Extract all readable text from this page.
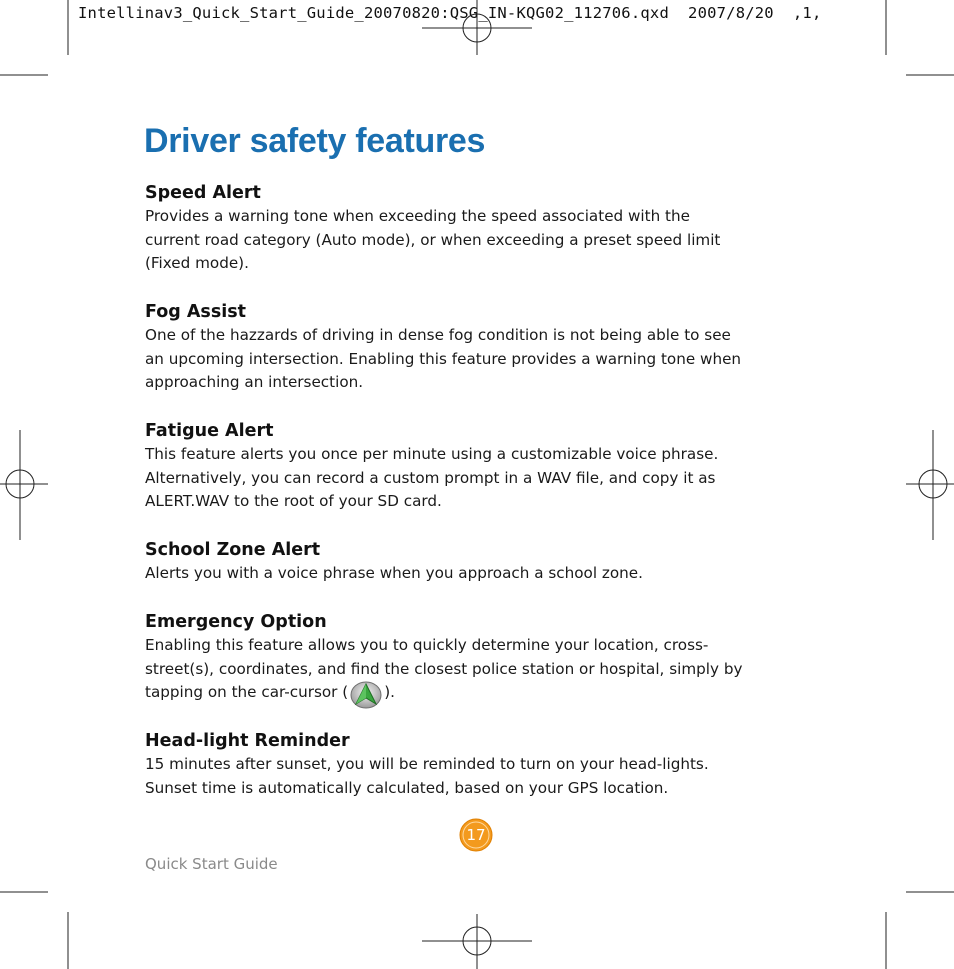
Intellinav3_Quick_Start_Guide_20070820:QSG_IN-KQG02_112706.qxd  2007/8/20  ,1,
Driver safety features

Speed Alert

Provides a warning tone when exceeding the speed associated with the
current road category (Auto mode), or when exceeding a preset speed limit
(Fixed mode).

Fog Assist

One of the hazzards of driving in dense fog condition is not being able to see
an upcoming intersection. Enabling this feature provides a warning tone when
approaching an intersection.

Fatigue Alert

This feature alerts you once per minute using a customizable voice phrase.
Alternatively, you can record a custom prompt in a WAV file, and copy it as
ALERT.WAV to the root of your SD card.

School Zone Alert

Alerts you with a voice phrase when you approach a school zone.

Emergency Option

Enabling this feature allows you to quickly determine your location, cross-
street(s), coordinates, and find the closest police station or hospital, simply by
tapping on the car-cursor ( ).

Head-light Reminder

15 minutes after sunset, you will be reminded to turn on your head-lights.
Sunset time is automatically calculated, based on your GPS location.

17
Quick Start Guide
